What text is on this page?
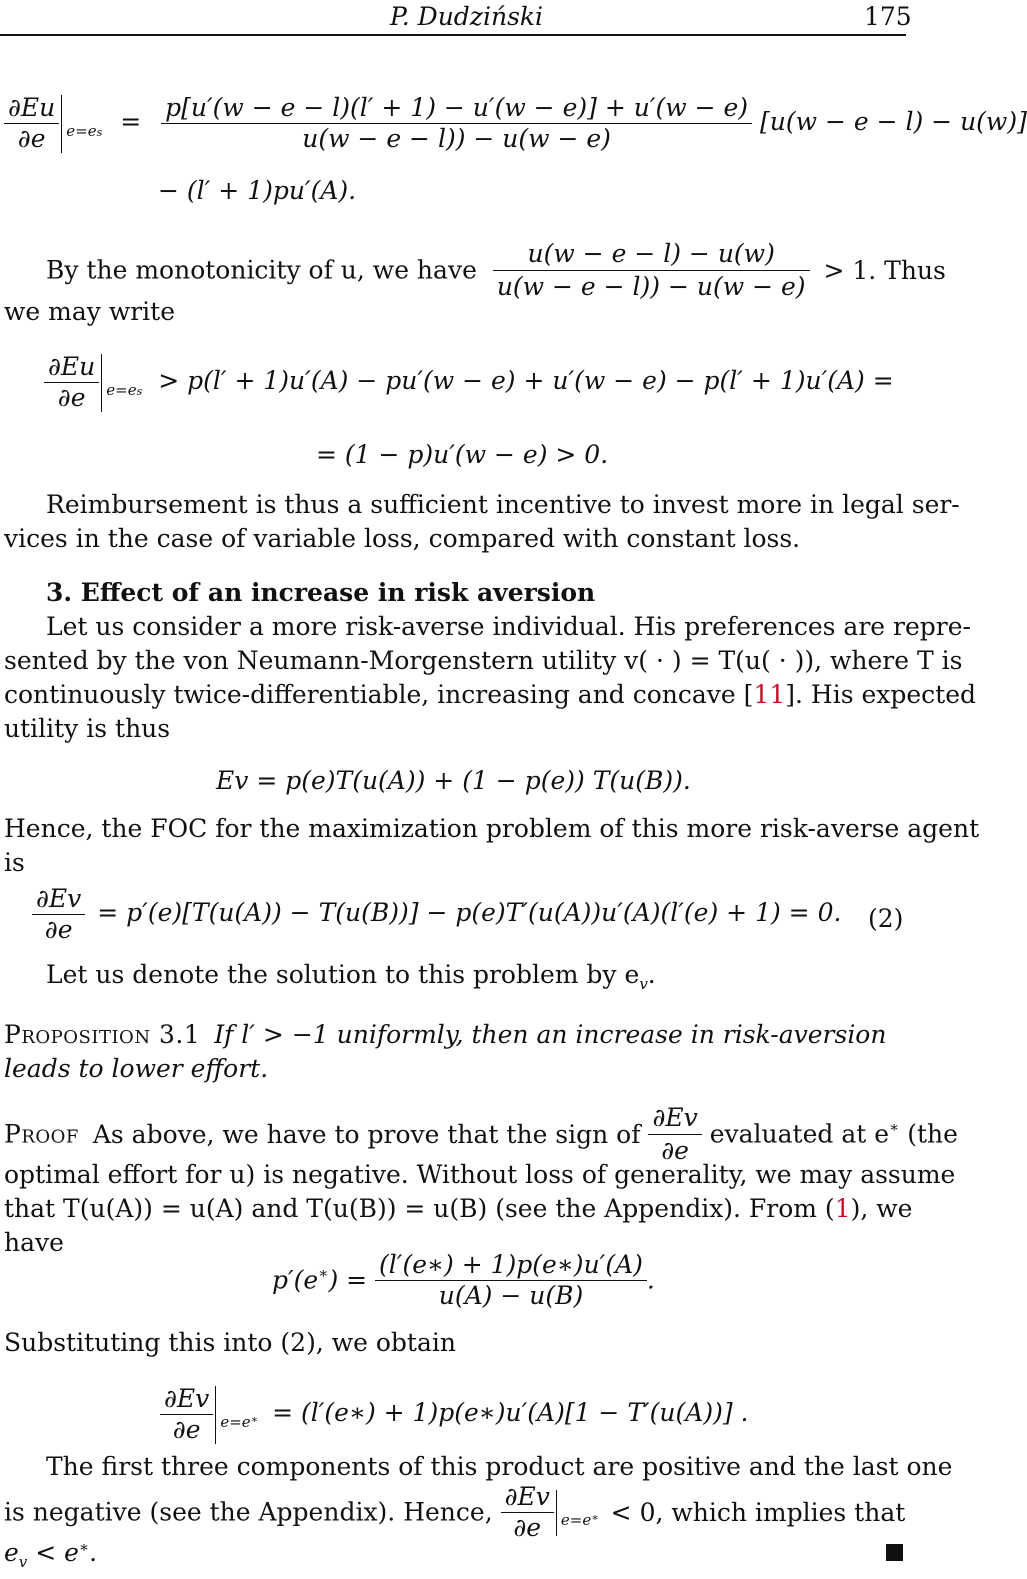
P. Dudziński	175
$\frac{\partial Eu}{\partial e} _{e=es} = \frac{p[u'(w - e - l)(l' + 1) - u'(w - e)] + u'(w - e)}{u(w - e - l)) - u(w - e)} [u(w - e - l) - u(w)]$
− (l′ + 1)pu′(A).
By the monotonicity of u, we have $\frac{u(w - e - l) - u(w)}{u(w - e - l)) - u(w - e)} > 1$. Thus
we may write
$\frac{\partial Eu}{\partial e} _{e=es} > p(l' + 1)u'(A) - pu'(w - e) + u'(w - e) - p(l' + 1)u'(A)$ =
= (1 − p)u′(w − e) > 0.
Reimbursement is thus a sufficient incentive to invest more in legal ser-
vices in the case of variable loss, compared with constant loss.
3. Effect of an increase in risk aversion
Let us consider a more risk-averse individual. His preferences are repre-
sented by the von Neumann-Morgenstern utility v( · ) = T(u( · )), where T is
continuously twice-differentiable, increasing and concave [11]. His expected
utility is thus
Ev = p(e)T(u(A)) + (1 − p(e)) T(u(B)).
Hence, the FOC for the maximization problem of this more risk-averse agent
is
$\frac{\partial Ev}{\partial e} = p'(e)[T(u(A)) - T(u(B))] - p(e)T'(u(A))u'(A)(l'(e) + 1) = 0$. (2)
Let us denote the solution to this problem by $e_v$.
Proposition 3.1 If l′ > −1 uniformly, then an increase in risk-aversion
leads to lower effort.
Proof As above, we have to prove that the sign of $\frac{\partial Ev}{\partial e}$ evaluated at e∗ (the
optimal effort for u) is negative. Without loss of generality, we may assume
that T(u(A)) = u(A) and T(u(B)) = u(B) (see the Appendix). From (1), we
have
$p'(e^∗) = \frac{(l'(e∗) + 1)p(e∗)u'(A)}{u(A) - u(B)}$ .
Substituting this into (2), we obtain
$\frac{\partial Ev}{\partial e}$ $_{e=e}$∗ = (l′(e∗) + 1)p(e∗)u′(A)[1 − T′(u(A))] .
The first three components of this product are positive and the last one
is negative (see the Appendix). Hence, $\frac{\partial Ev}{\partial e}$ $_{e=e}$∗ < 0, which implies that
$e_v < e^∗$.
